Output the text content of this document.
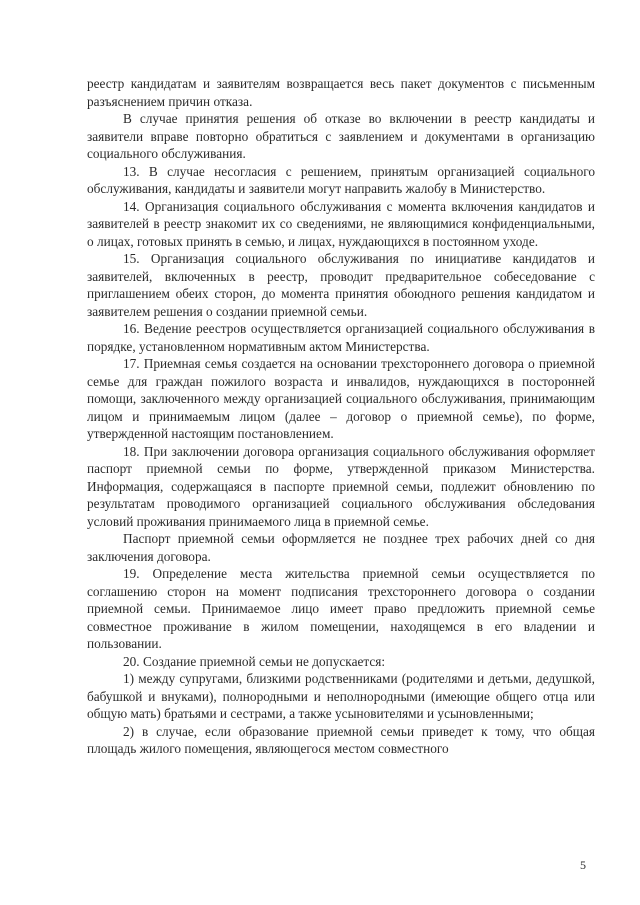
реестр кандидатам и заявителям возвращается весь пакет документов с письменным разъяснением причин отказа.

В случае принятия решения об отказе во включении в реестр кандидаты и заявители вправе повторно обратиться с заявлением и документами в организацию социального обслуживания.

13. В случае несогласия с решением, принятым организацией социального обслуживания, кандидаты и заявители могут направить жалобу в Министерство.

14. Организация социального обслуживания с момента включения кандидатов и заявителей в реестр знакомит их со сведениями, не являющимися конфиденциальными, о лицах, готовых принять в семью, и лицах, нуждающихся в постоянном уходе.

15. Организация социального обслуживания по инициативе кандидатов и заявителей, включенных в реестр, проводит предварительное собеседование с приглашением обеих сторон, до момента принятия обоюдного решения кандидатом и заявителем решения о создании приемной семьи.

16. Ведение реестров осуществляется организацией социального обслуживания в порядке, установленном нормативным актом Министерства.

17. Приемная семья создается на основании трехстороннего договора о приемной семье для граждан пожилого возраста и инвалидов, нуждающихся в посторонней помощи, заключенного между организацией социального обслуживания, принимающим лицом и принимаемым лицом (далее – договор о приемной семье), по форме, утвержденной настоящим постановлением.

18. При заключении договора организация социального обслуживания оформляет паспорт приемной семьи по форме, утвержденной приказом Министерства. Информация, содержащаяся в паспорте приемной семьи, подлежит обновлению по результатам проводимого организацией социального обслуживания обследования условий проживания принимаемого лица в приемной семье.

Паспорт приемной семьи оформляется не позднее трех рабочих дней со дня заключения договора.

19. Определение места жительства приемной семьи осуществляется по соглашению сторон на момент подписания трехстороннего договора о создании приемной семьи. Принимаемое лицо имеет право предложить приемной семье совместное проживание в жилом помещении, находящемся в его владении и пользовании.

20. Создание приемной семьи не допускается:

1) между супругами, близкими родственниками (родителями и детьми, дедушкой, бабушкой и внуками), полнородными и неполнородными (имеющие общего отца или общую мать) братьями и сестрами, а также усыновителями и усыновленными;

2) в случае, если образование приемной семьи приведет к тому, что общая площадь жилого помещения, являющегося местом совместного

5
